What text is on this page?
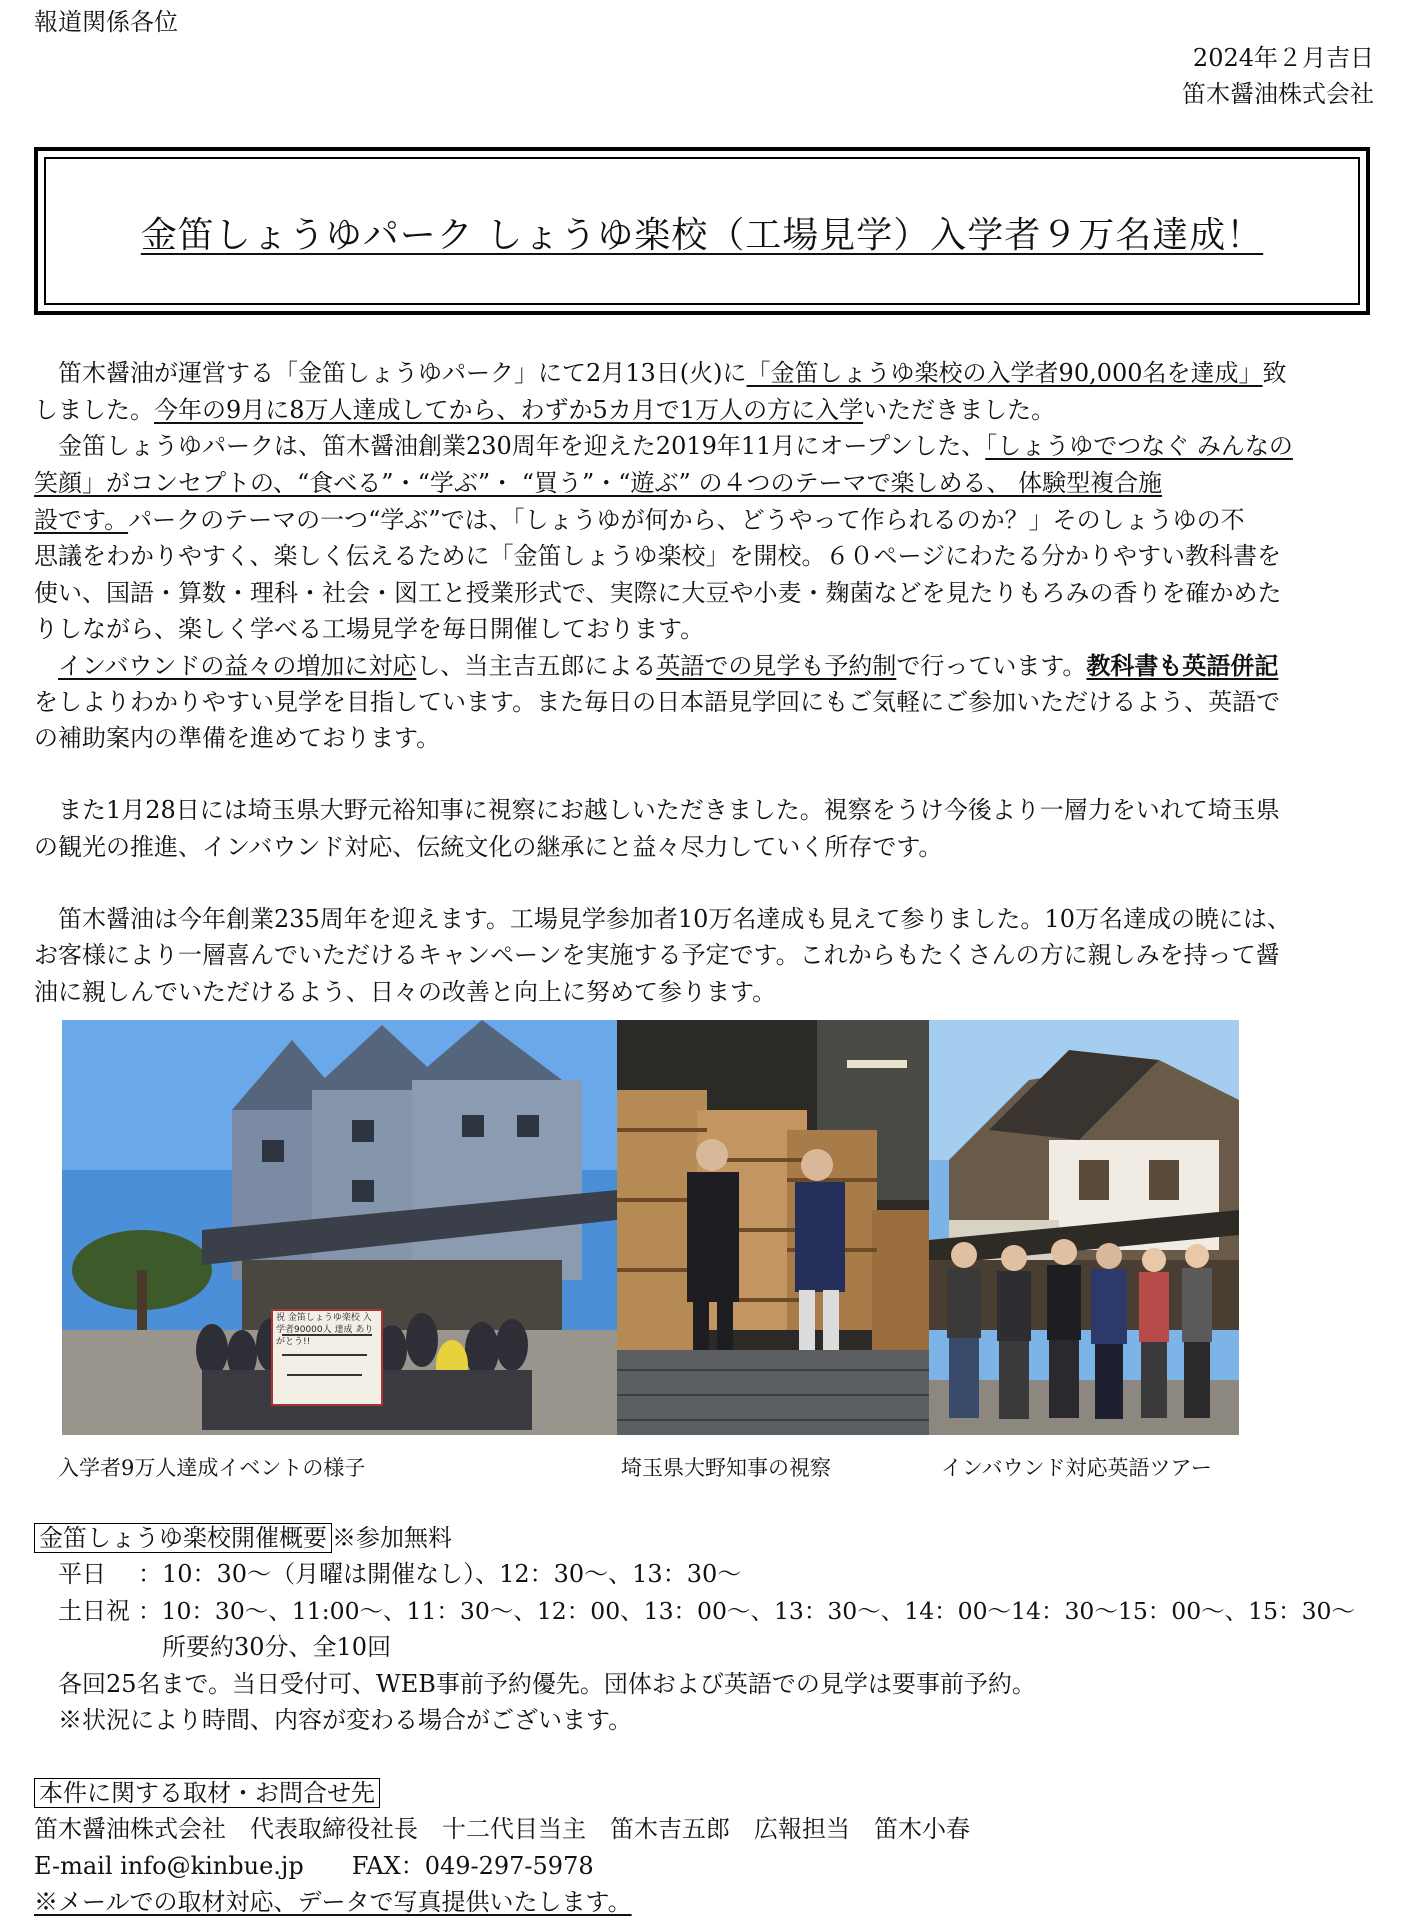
報道関係各位
2024年２月吉日
笛木醤油株式会社
金笛しょうゆパーク しょうゆ楽校（工場見学）入学者９万名達成！
　笛木醤油が運営する「金笛しょうゆパーク」にて2月13日(火)に「金笛しょうゆ楽校の入学者90,000名を達成」致
しました。今年の9月に8万人達成してから、わずか5カ月で1万人の方に入学いただきました。
　金笛しょうゆパークは、笛木醤油創業230周年を迎えた2019年11月にオープンした、「しょうゆでつなぐ みんなの
笑顔」がコンセプトの、“食べる”・“学ぶ”・ “買う”・“遊ぶ” の４つのテーマで楽しめる、 体験型複合施
設です。パークのテーマの一つ“学ぶ”では、「しょうゆが何から、どうやって作られるのか？」そのしょうゆの不
思議をわかりやすく、楽しく伝えるために「金笛しょうゆ楽校」を開校。６０ページにわたる分かりやすい教科書を
使い、国語・算数・理科・社会・図工と授業形式で、実際に大豆や小麦・麹菌などを見たりもろみの香りを確かめた
りしながら、楽しく学べる工場見学を毎日開催しております。
　インバウンドの益々の増加に対応し、当主吉五郎による英語での見学も予約制で行っています。教科書も英語併記
をしよりわかりやすい見学を目指しています。また毎日の日本語見学回にもご気軽にご参加いただけるよう、英語で
の補助案内の準備を進めております。
　また1月28日には埼玉県大野元裕知事に視察にお越しいただきました。視察をうけ今後より一層力をいれて埼玉県
の観光の推進、インバウンド対応、伝統文化の継承にと益々尽力していく所存です。
　笛木醤油は今年創業235周年を迎えます。工場見学参加者10万名達成も見えて参りました。10万名達成の暁には、
お客様により一層喜んでいただけるキャンペーンを実施する予定です。これからもたくさんの方に親しみを持って醤
油に親しんでいただけるよう、日々の改善と向上に努めて参ります。
祝 金笛しょうゆ楽校 入学者90000人 達成 ありがとう!!
入学者9万人達成イベントの様子	埼玉県大野知事の視察	インバウンド対応英語ツアー
金笛しょうゆ楽校開催概要 ※参加無料
平日 ：10：30～（月曜は開催なし）、12：30～、13：30～
土日祝 ：10：30～、11:00～、11：30～、12：00、13：00～、13：30～、14：00～14：30～15：00～、15：30～
所要約30分、全10回
各回25名まで。当日受付可、WEB事前予約優先。団体および英語での見学は要事前予約。
※状況により時間、内容が変わる場合がございます。
本件に関する取材・お問合せ先
笛木醤油株式会社　代表取締役社長　十二代目当主　笛木吉五郎　広報担当　笛木小春
E-mail info@kinbue.jp　　FAX：049-297-5978
※メールでの取材対応、データで写真提供いたします。
